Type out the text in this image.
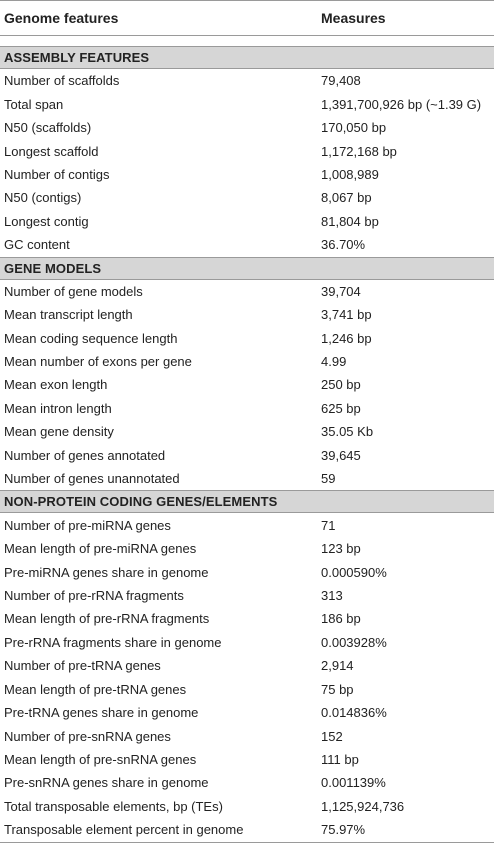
Genome features	Measures
ASSEMBLY FEATURES
Number of scaffolds	79,408
Total span	1,391,700,926 bp (~1.39 G)
N50 (scaffolds)	170,050 bp
Longest scaffold	1,172,168 bp
Number of contigs	1,008,989
N50 (contigs)	8,067 bp
Longest contig	81,804 bp
GC content	36.70%
GENE MODELS
Number of gene models	39,704
Mean transcript length	3,741 bp
Mean coding sequence length	1,246 bp
Mean number of exons per gene	4.99
Mean exon length	250 bp
Mean intron length	625 bp
Mean gene density	35.05 Kb
Number of genes annotated	39,645
Number of genes unannotated	59
NON-PROTEIN CODING GENES/ELEMENTS
Number of pre-miRNA genes	71
Mean length of pre-miRNA genes	123 bp
Pre-miRNA genes share in genome	0.000590%
Number of pre-rRNA fragments	313
Mean length of pre-rRNA fragments	186 bp
Pre-rRNA fragments share in genome	0.003928%
Number of pre-tRNA genes	2,914
Mean length of pre-tRNA genes	75 bp
Pre-tRNA genes share in genome	0.014836%
Number of pre-snRNA genes	152
Mean length of pre-snRNA genes	111 bp
Pre-snRNA genes share in genome	0.001139%
Total transposable elements, bp (TEs)	1,125,924,736
Transposable element percent in genome	75.97%
